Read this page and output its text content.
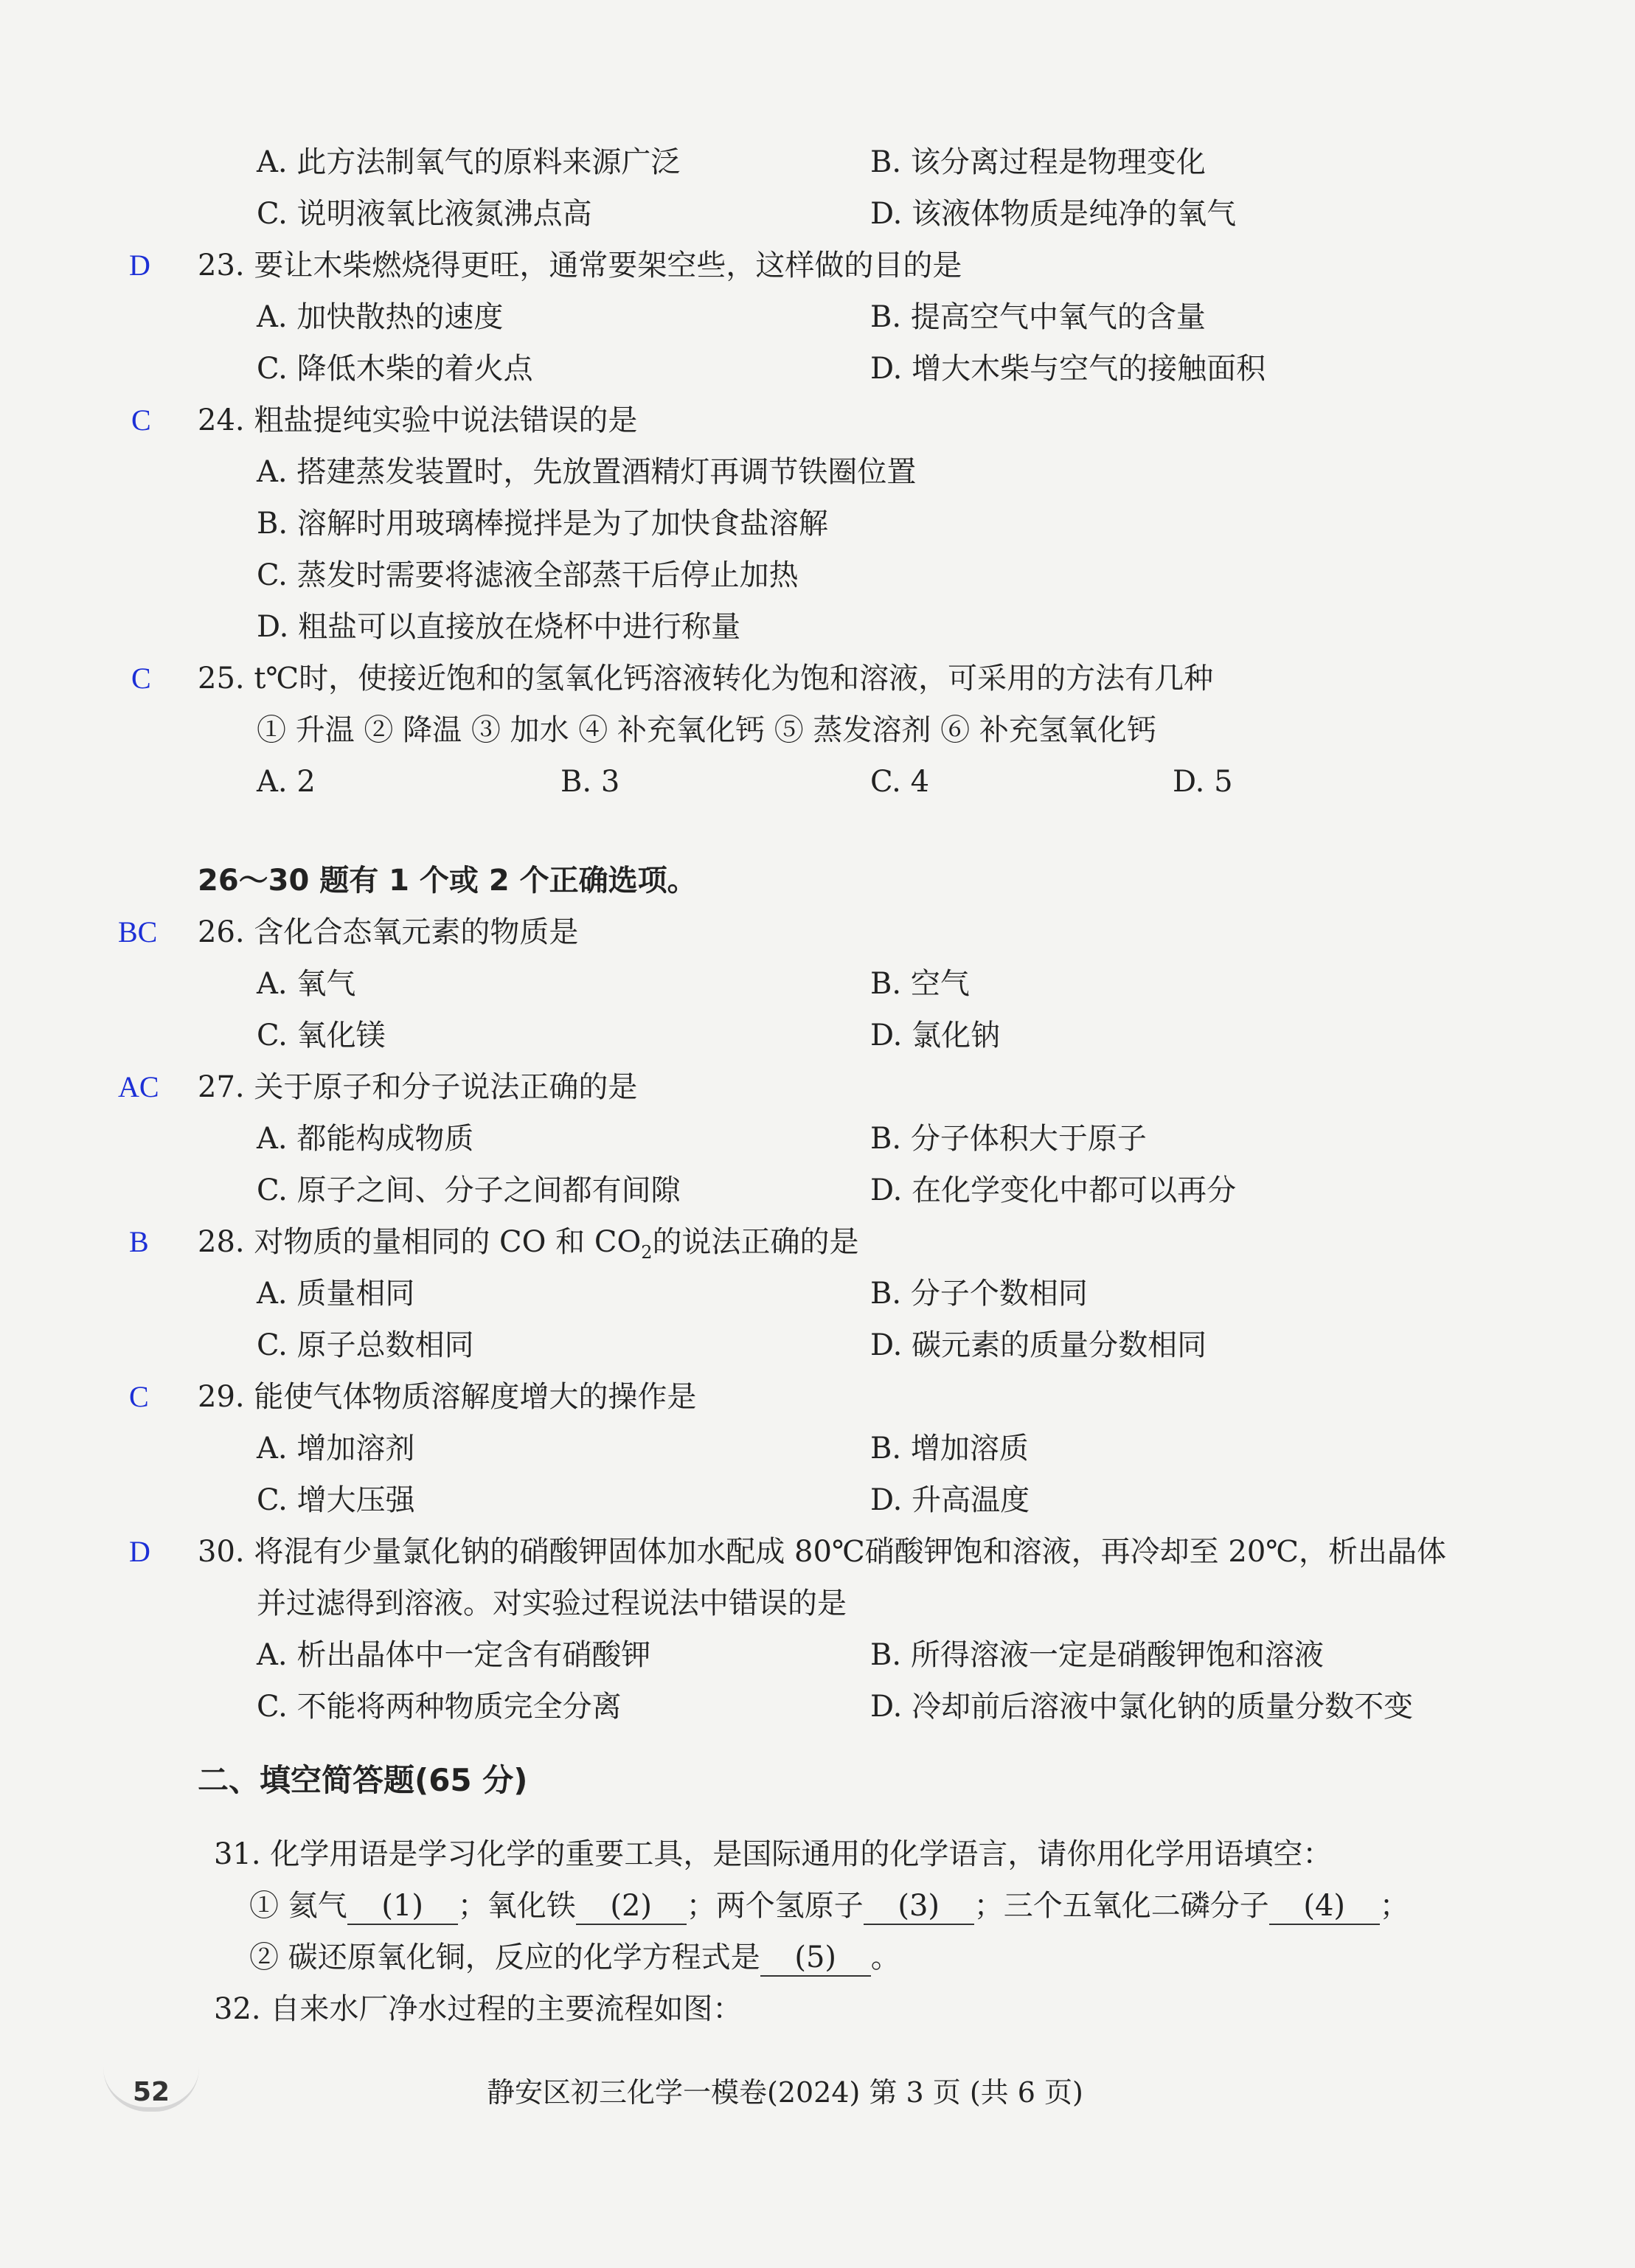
A. 此方法制氧气的原料来源广泛	B. 该分离过程是物理变化
C. 说明液氧比液氮沸点高	D. 该液体物质是纯净的氧气
D 23. 要让木柴燃烧得更旺，通常要架空些，这样做的目的是
A. 加快散热的速度	B. 提高空气中氧气的含量
C. 降低木柴的着火点	D. 增大木柴与空气的接触面积
C 24. 粗盐提纯实验中说法错误的是
A. 搭建蒸发装置时，先放置酒精灯再调节铁圈位置
B. 溶解时用玻璃棒搅拌是为了加快食盐溶解
C. 蒸发时需要将滤液全部蒸干后停止加热
D. 粗盐可以直接放在烧杯中进行称量
C 25. t℃时，使接近饱和的氢氧化钙溶液转化为饱和溶液，可采用的方法有几种
① 升温 ② 降温 ③ 加水 ④ 补充氧化钙 ⑤ 蒸发溶剂 ⑥ 补充氢氧化钙
A. 2	B. 3	C. 4	D. 5
26～30 题有 1 个或 2 个正确选项。
BC 26. 含化合态氧元素的物质是
A. 氧气	B. 空气
C. 氧化镁	D. 氯化钠
AC 27. 关于原子和分子说法正确的是
A. 都能构成物质	B. 分子体积大于原子
C. 原子之间、分子之间都有间隙	D. 在化学变化中都可以再分
B 28. 对物质的量相同的 CO 和 $CO_2$的说法正确的是
A. 质量相同	B. 分子个数相同
C. 原子总数相同	D. 碳元素的质量分数相同
C 29. 能使气体物质溶解度增大的操作是
A. 增加溶剂	B. 增加溶质
C. 增大压强	D. 升高温度
D 30. 将混有少量氯化钠的硝酸钾固体加水配成 80℃硝酸钾饱和溶液，再冷却至 20℃，析出晶体
并过滤得到溶液。对实验过程说法中错误的是
A. 析出晶体中一定含有硝酸钾	B. 所得溶液一定是硝酸钾饱和溶液
C. 不能将两种物质完全分离	D. 冷却前后溶液中氯化钠的质量分数不变
二、填空简答题(65 分)
31. 化学用语是学习化学的重要工具，是国际通用的化学语言，请你用化学用语填空：
① 氦气 (1) ；氧化铁 (2) ；两个氢原子 (3) ；三个五氧化二磷分子 (4) ；
② 碳还原氧化铜，反应的化学方程式是 (5) 。
32. 自来水厂净水过程的主要流程如图：
52	静安区初三化学一模卷(2024) 第 3 页 (共 6 页)
